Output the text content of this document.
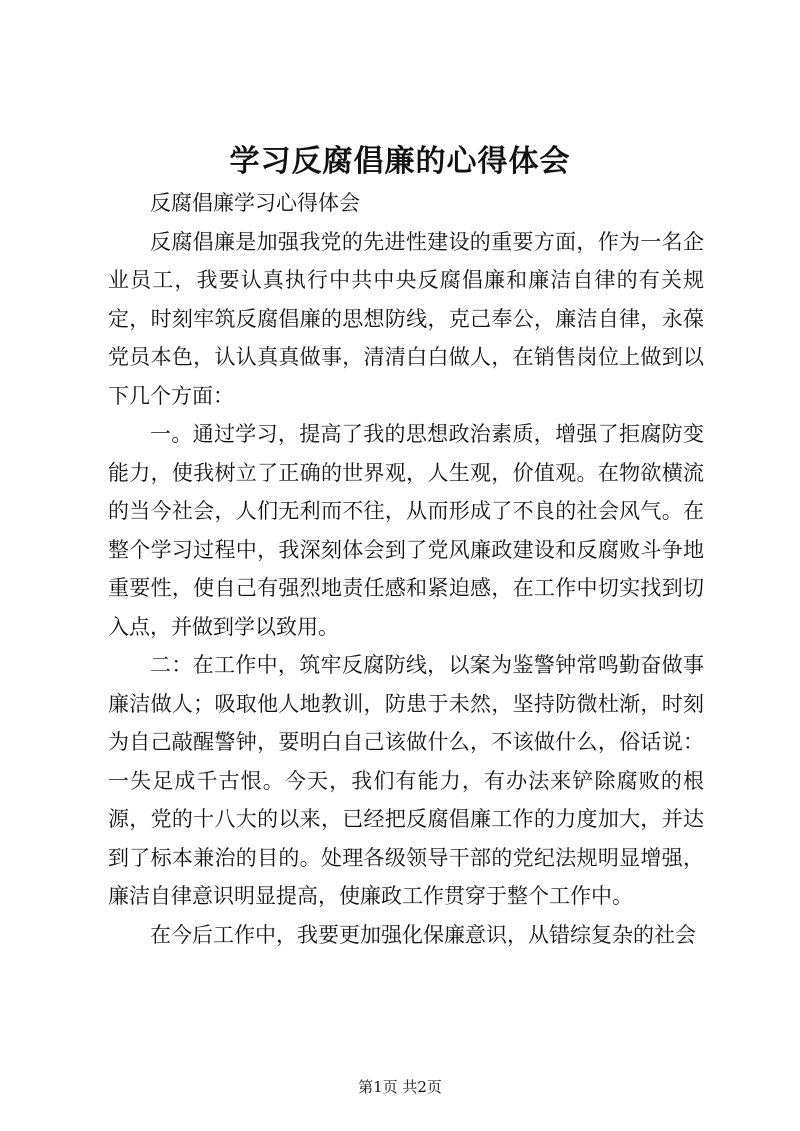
学习反腐倡廉的心得体会

反腐倡廉学习心得体会

反腐倡廉是加强我党的先进性建设的重要方面，作为一名企业员工，我要认真执行中共中央反腐倡廉和廉洁自律的有关规定，时刻牢筑反腐倡廉的思想防线，克己奉公，廉洁自律，永葆党员本色，认认真真做事，清清白白做人，在销售岗位上做到以下几个方面：

一。通过学习，提高了我的思想政治素质，增强了拒腐防变能力，使我树立了正确的世界观，人生观，价值观。在物欲横流的当今社会，人们无利而不往，从而形成了不良的社会风气。在整个学习过程中，我深刻体会到了党风廉政建设和反腐败斗争地重要性，使自己有强烈地责任感和紧迫感，在工作中切实找到切入点，并做到学以致用。

二：在工作中，筑牢反腐防线，以案为鉴警钟常鸣勤奋做事廉洁做人；吸取他人地教训，防患于未然，坚持防微杜渐，时刻为自己敲醒警钟，要明白自己该做什么，不该做什么，俗话说：一失足成千古恨。今天，我们有能力，有办法来铲除腐败的根源，党的十八大的以来，已经把反腐倡廉工作的力度加大，并达到了标本兼治的目的。处理各级领导干部的党纪法规明显增强，廉洁自律意识明显提高，使廉政工作贯穿于整个工作中。

在今后工作中，我要更加强化保廉意识，从错综复杂的社会

第1页 共2页
